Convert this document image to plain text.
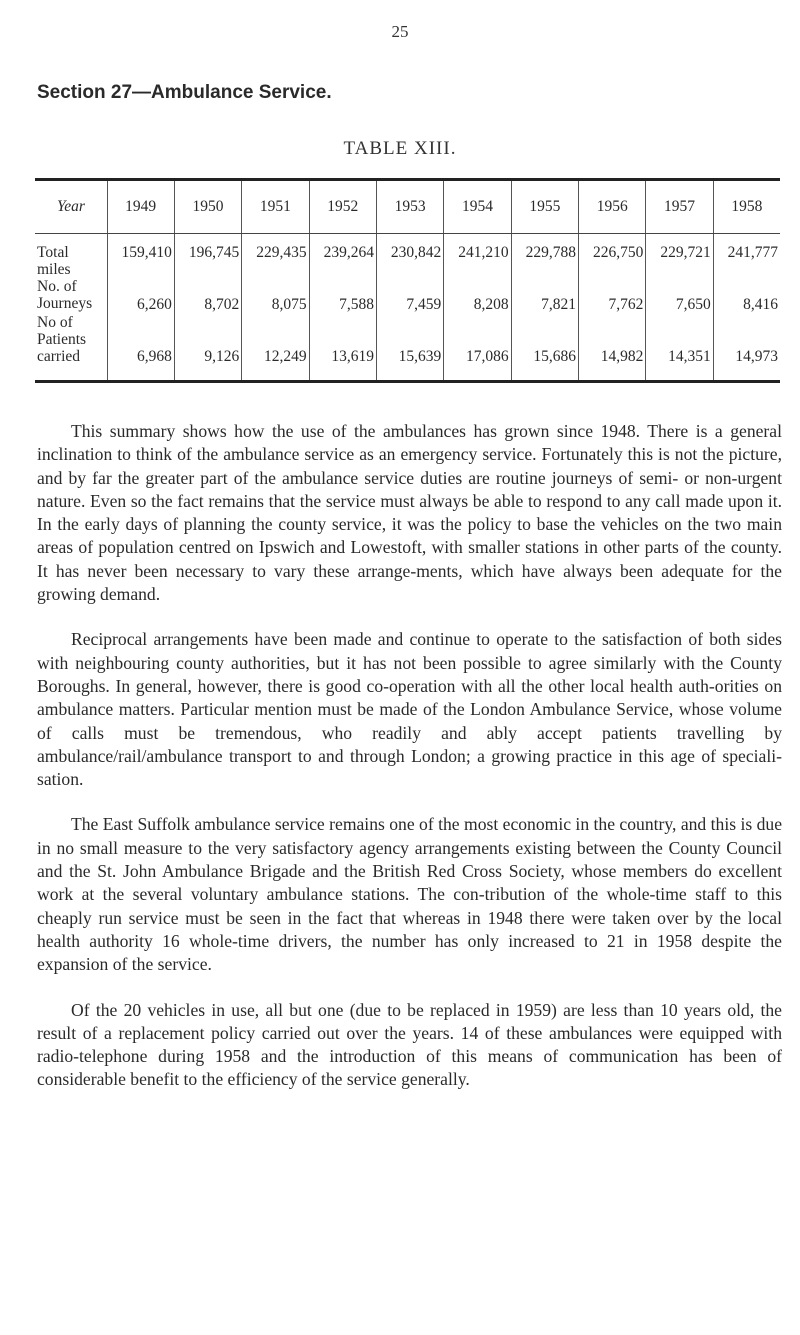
25
Section 27—Ambulance Service.
TABLE XIII.
Year	1949	1950	1951	1952	1953	1954	1955	1956	1957	1958
Total miles	159,410	196,745	229,435	239,264	230,842	241,210	229,788	226,750	229,721	241,777
No. of Journeys	6,260	8,702	8,075	7,588	7,459	8,208	7,821	7,762	7,650	8,416
No of Patients carried	6,968	9,126	12,249	13,619	15,639	17,086	15,686	14,982	14,351	14,973

This summary shows how the use of the ambulances has grown since 1948. There is a general inclination to think of the ambulance service as an emergency service. Fortunately this is not the picture, and by far the greater part of the ambulance service duties are routine journeys of semi- or non-urgent nature. Even so the fact remains that the service must always be able to respond to any call made upon it. In the early days of planning the county service, it was the policy to base the vehicles on the two main areas of population centred on Ipswich and Lowestoft, with smaller stations in other parts of the county. It has never been necessary to vary these arrange-ments, which have always been adequate for the growing demand.

Reciprocal arrangements have been made and continue to operate to the satisfaction of both sides with neighbouring county authorities, but it has not been possible to agree similarly with the County Boroughs. In general, however, there is good co-operation with all the other local health auth-orities on ambulance matters. Particular mention must be made of the London Ambulance Service, whose volume of calls must be tremendous, who readily and ably accept patients travelling by ambulance/rail/ambulance transport to and through London; a growing practice in this age of speciali-sation.

The East Suffolk ambulance service remains one of the most economic in the country, and this is due in no small measure to the very satisfactory agency arrangements existing between the County Council and the St. John Ambulance Brigade and the British Red Cross Society, whose members do excellent work at the several voluntary ambulance stations. The con-tribution of the whole-time staff to this cheaply run service must be seen in the fact that whereas in 1948 there were taken over by the local health authority 16 whole-time drivers, the number has only increased to 21 in 1958 despite the expansion of the service.

Of the 20 vehicles in use, all but one (due to be replaced in 1959) are less than 10 years old, the result of a replacement policy carried out over the years. 14 of these ambulances were equipped with radio-telephone during 1958 and the introduction of this means of communication has been of considerable benefit to the efficiency of the service generally.
